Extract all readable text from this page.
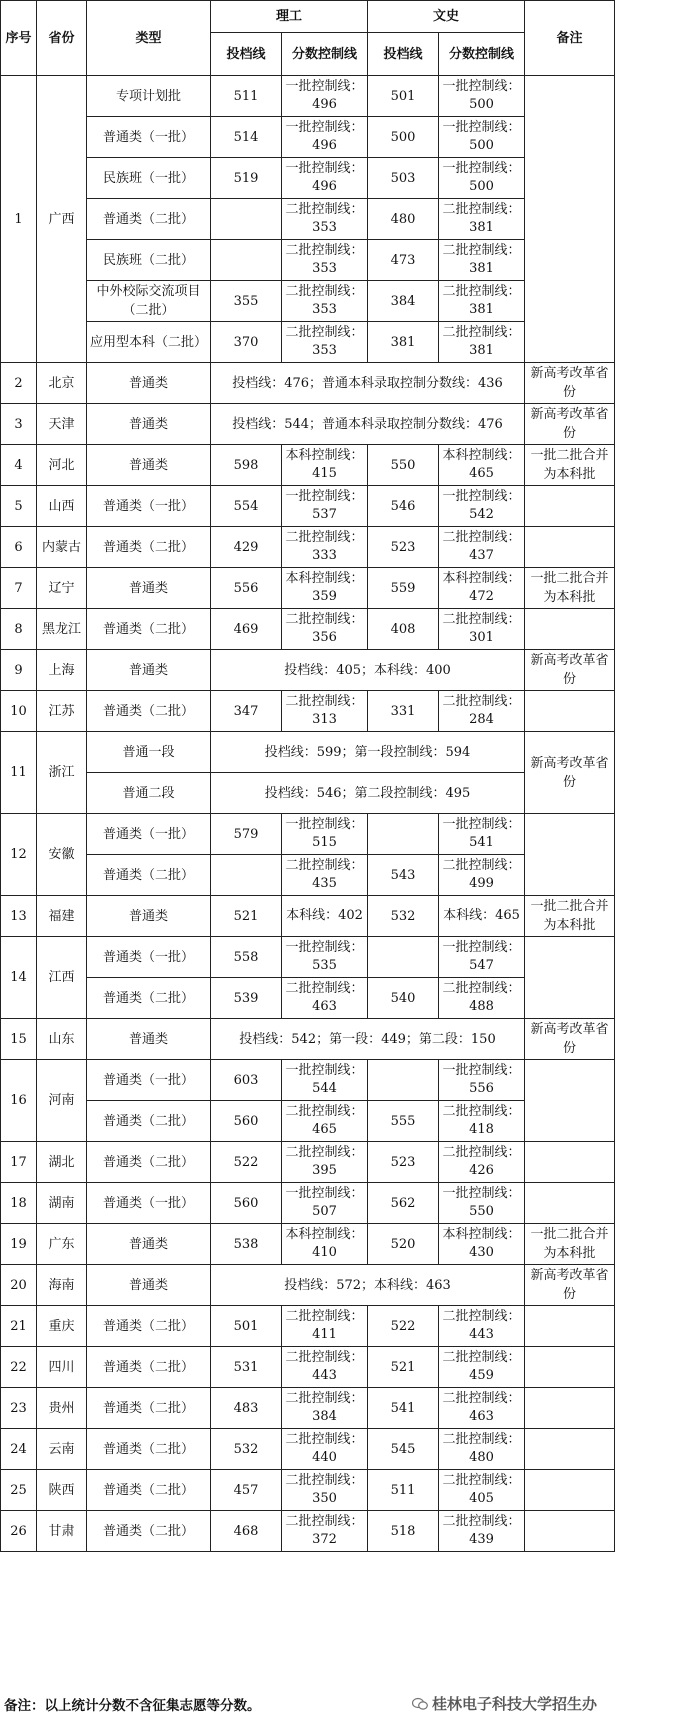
序号	省份	类型	理工		文史		备注
			投档线	分数控制线	投档线	分数控制线	
1	广西	专项计划批	511	一批控制线：496	501	一批控制线：500	
		普通类（一批）	514	一批控制线：496	500	一批控制线：500	
		民族班（一批）	519	一批控制线：496	503	一批控制线：500	
		普通类（二批）		二批控制线：353	480	二批控制线：381	
		民族班（二批）		二批控制线：353	473	二批控制线：381	
		中外校际交流项目（二批）	355	二批控制线：353	384	二批控制线：381	
		应用型本科（二批）	370	二批控制线：353	381	二批控制线：381	
2	北京	普通类	投档线：476；普通本科录取控制分数线：436				新高考改革省份
3	天津	普通类	投档线：544；普通本科录取控制分数线：476				新高考改革省份
4	河北	普通类	598	本科控制线：415	550	本科控制线：465	一批二批合并为本科批
5	山西	普通类（一批）	554	一批控制线：537	546	一批控制线：542	
6	内蒙古	普通类（二批）	429	二批控制线：333	523	二批控制线：437	
7	辽宁	普通类	556	本科控制线：359	559	本科控制线：472	一批二批合并为本科批
8	黑龙江	普通类（二批）	469	二批控制线：356	408	二批控制线：301	
9	上海	普通类	投档线：405；本科线：400				新高考改革省份
10	江苏	普通类（二批）	347	二批控制线：313	331	二批控制线：284	
11	浙江	普通一段	投档线：599；第一段控制线：594				新高考改革省份
		普通二段	投档线：546；第二段控制线：495				
12	安徽	普通类（一批）	579	一批控制线：515		一批控制线：541	
		普通类（二批）		二批控制线：435	543	二批控制线：499	
13	福建	普通类	521	本科线：402	532	本科线：465	一批二批合并为本科批
14	江西	普通类（一批）	558	一批控制线：535		一批控制线：547	
		普通类（二批）	539	二批控制线：463	540	二批控制线：488	
15	山东	普通类	投档线：542；第一段：449；第二段：150				新高考改革省份
16	河南	普通类（一批）	603	一批控制线：544		一批控制线：556	
		普通类（二批）	560	二批控制线：465	555	二批控制线：418	
17	湖北	普通类（二批）	522	二批控制线：395	523	二批控制线：426	
18	湖南	普通类（一批）	560	一批控制线：507	562	一批控制线：550	
19	广东	普通类	538	本科控制线：410	520	本科控制线：430	一批二批合并为本科批
20	海南	普通类	投档线：572；本科线：463				新高考改革省份
21	重庆	普通类（二批）	501	二批控制线：411	522	二批控制线：443	
22	四川	普通类（二批）	531	二批控制线：443	521	二批控制线：459	
23	贵州	普通类（二批）	483	二批控制线：384	541	二批控制线：463	
24	云南	普通类（二批）	532	二批控制线：440	545	二批控制线：480	
25	陕西	普通类（二批）	457	二批控制线：350	511	二批控制线：405	
26	甘肃	普通类（二批）	468	二批控制线：372	518	二批控制线：439	
备注：以上统计分数不含征集志愿等分数。	桂林电子科技大学招生办
